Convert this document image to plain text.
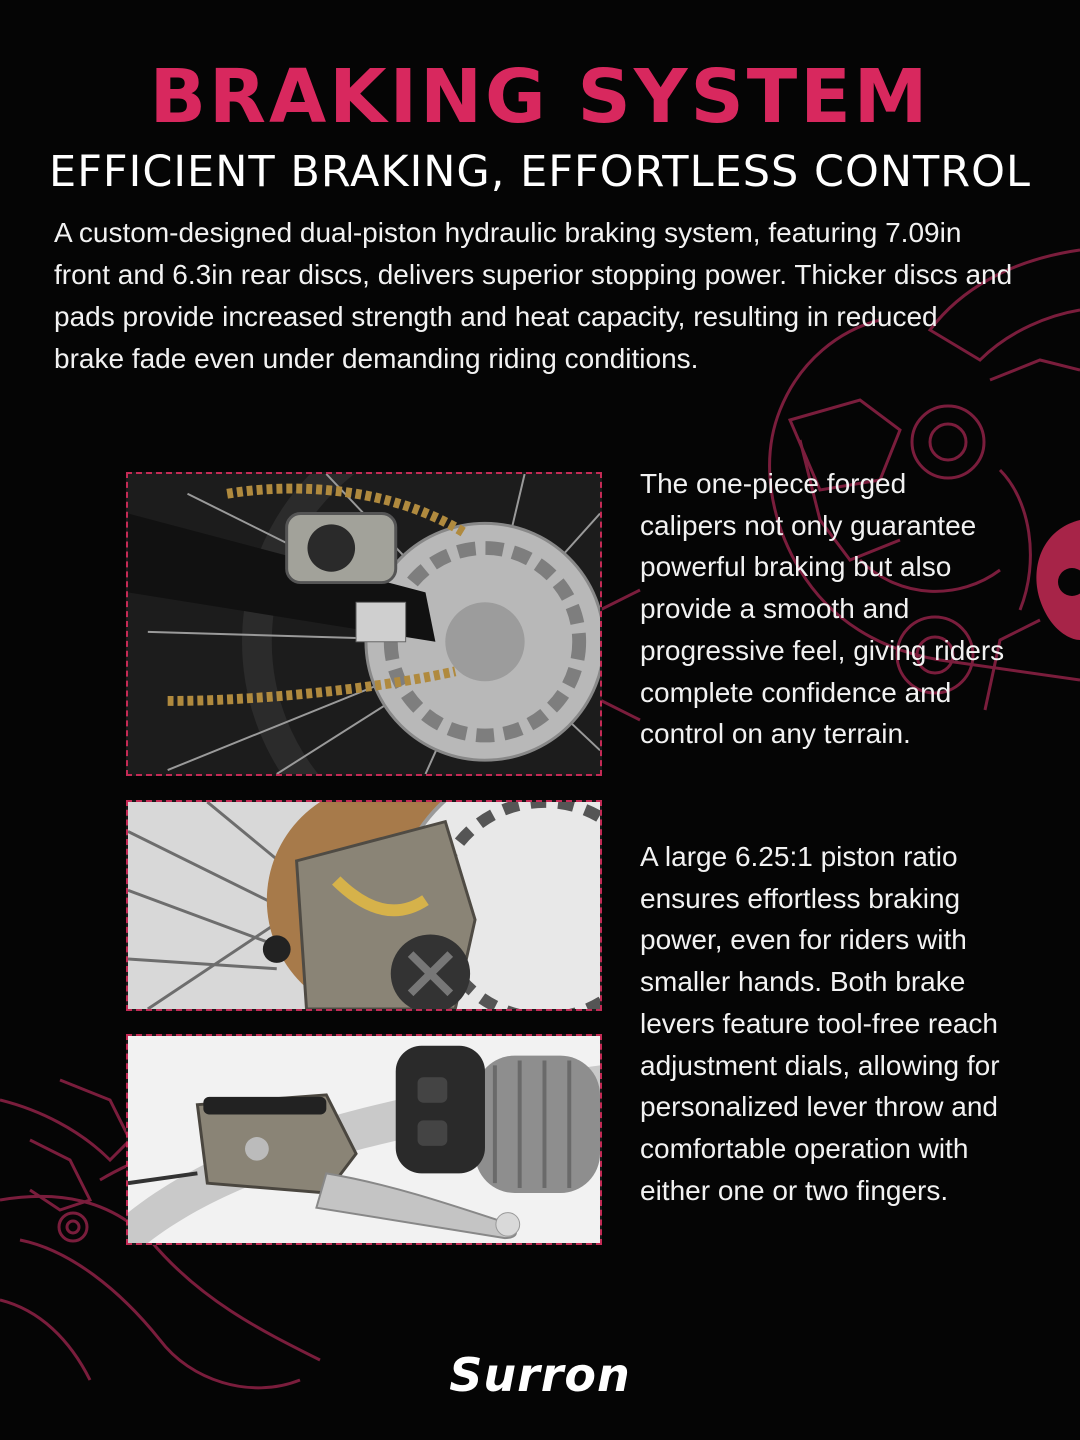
BRAKING SYSTEM
EFFICIENT BRAKING, EFFORTLESS CONTROL

A custom-designed dual-piston hydraulic braking system, featuring 7.09in front and 6.3in rear discs, delivers superior stopping power. Thicker discs and pads provide increased strength and heat capacity, resulting in reduced brake fade even under demanding riding conditions.

The one-piece forged calipers not only guarantee powerful braking but also provide a smooth and progressive feel, giving riders complete confidence and control on any terrain.

A large 6.25:1 piston ratio ensures effortless braking power, even for riders with smaller hands. Both brake levers feature tool-free reach adjustment dials, allowing for personalized lever throw and comfortable operation with either one or two fingers.

Surron
